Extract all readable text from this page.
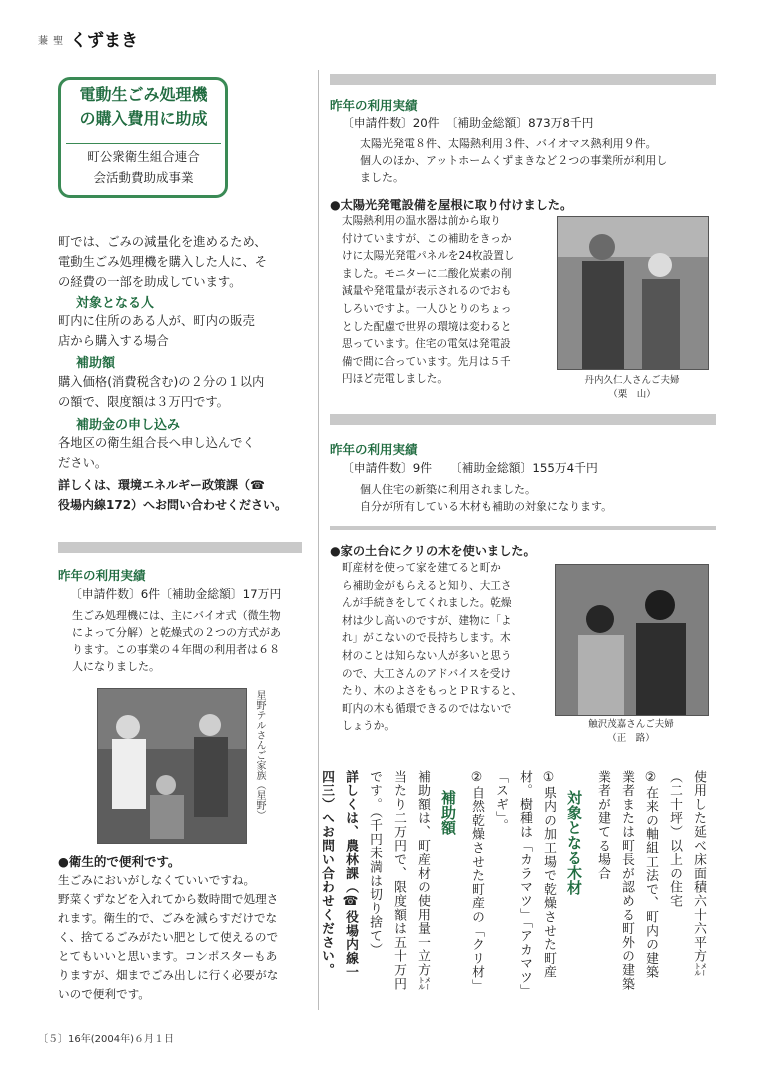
蒹 聖 くずまき
電動生ごみ処理機
の購入費用に助成
町公衆衛生組合連合
会活動費助成事業
町では、ごみの減量化を進めるため、
電動生ごみ処理機を購入した人に、そ
の経費の一部を助成しています。
対象となる人
町内に住所のある人が、町内の販売
店から購入する場合
補助額
購入価格(消費税含む)の２分の１以内
の額で、限度額は３万円です。
補助金の申し込み
各地区の衛生組合長へ申し込んでく
ださい。
詳しくは、環境エネルギー政策課（☎
役場内線172）へお問い合わせください。
昨年の利用実績
〔申請件数〕6件〔補助金総額〕17万円
生ごみ処理機には、主にバイオ式（微生物
によって分解）と乾燥式の２つの方式があ
ります。この事業の４年間の利用者は６８
人になりました。
星野テルさんご家族（星野）
●衛生的で便利です。
生ごみにおいがしなくていいですね。
野菜くずなどを入れてから数時間で処理さ
れます。衛生的で、ごみを減らすだけでな
く、捨てるごみがたい肥として使えるので
とてもいいと思います。コンポスターもあ
りますが、畑までごみ出しに行く必要がな
いので便利です。
昨年の利用実績
〔申請件数〕20件　〔補助金総額〕873万8千円
太陽光発電８件、太陽熱利用３件、バイオマス熱利用９件。
個人のほか、アットホームくずまきなど２つの事業所が利用し
ました。
●太陽光発電設備を屋根に取り付けました。
太陽熱利用の温水器は前から取り
付けていますが、この補助をきっか
けに太陽光発電パネルを24枚設置し
ました。モニターに二酸化炭素の削
減量や発電量が表示されるのでおも
しろいですよ。一人ひとりのちょっ
とした配慮で世界の環境は変わると
思っています。住宅の電気は発電設
備で間に合っています。先月は５千
円ほど売電しました。	丹内久仁人さんご夫婦
（栗　山）
昨年の利用実績
〔申請件数〕9件　　〔補助金総額〕155万4千円
個人住宅の新築に利用されました。
自分が所有している木材も補助の対象になります。
●家の土台にクリの木を使いました。
町産材を使って家を建てると町か
ら補助金がもらえると知り、大工さ
んが手続きをしてくれました。乾燥
材は少し高いのですが、建物に「よ
れ」がこないので長持ちします。木
材のことは知らない人が多いと思う
ので、大工さんのアドバイスを受け
たり、木のよさをもっとＰＲすると、
町内の木も循環できるのではないで
しょうか。	触沢茂嘉さんご夫婦
（正　路）
使用した延べ床面積六十六平方㍍
（二十坪）以上の住宅
②在来の軸組工法で、町内の建築
業者または町長が認める町外の建築
業者が建てる場合
対象となる木材
①県内の加工場で乾燥させた町産
材。樹種は「カラマツ」「アカマツ」
「スギ」。
②自然乾燥させた町産の「クリ材」
補助額
補助額は、町産材の使用量一立方㍍
当たり二万円で、限度額は五十万円
です。（千円未満は切り捨て）
詳しくは、農林課（☎役場内線一
四三）へお問い合わせください。
〔５〕16年(2004年)６月１日
